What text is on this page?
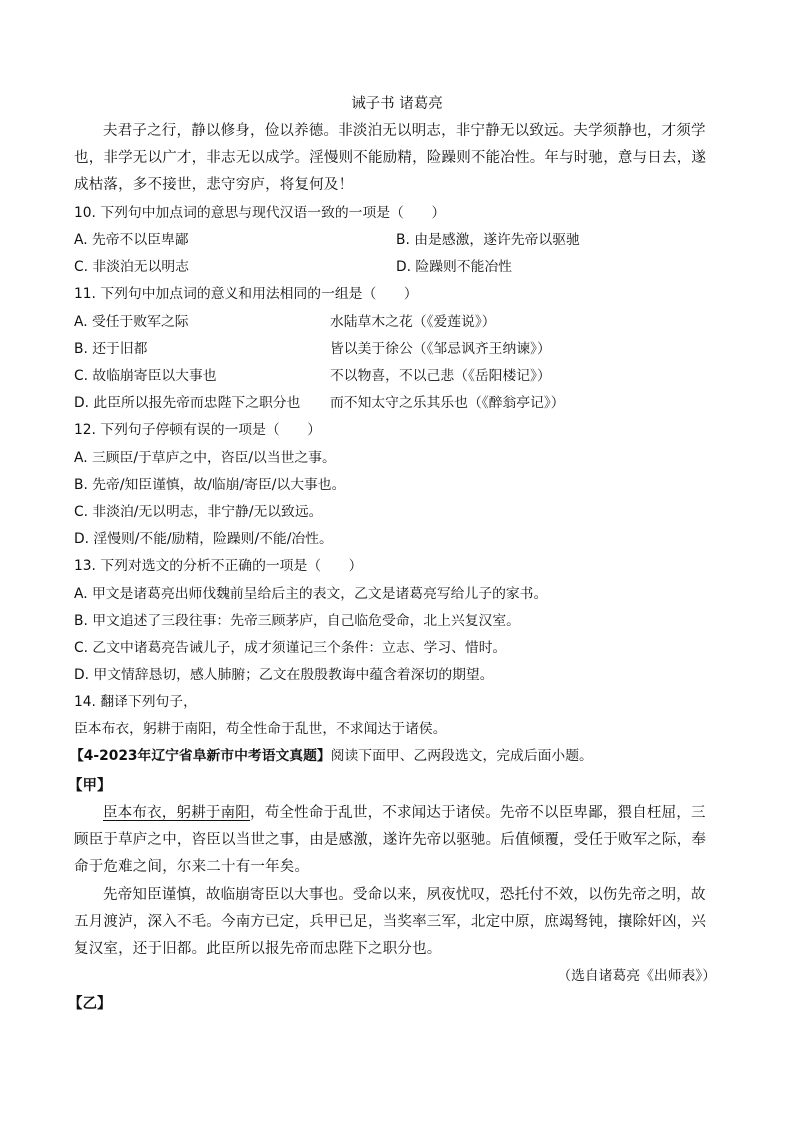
诫子书 诸葛亮
夫君子之行，静以修身，俭以养德。非淡泊无以明志，非宁静无以致远。夫学须静也，才须学也，非学无以广才，非志无以成学。淫慢则不能励精，险躁则不能冶性。年与时驰，意与日去，遂成枯落，多不接世，悲守穷庐，将复何及！
10. 下列句中加点词的意思与现代汉语一致的一项是（　　）
A. 先帝不以臣卑鄙	B. 由是感激，遂许先帝以驱驰
C. 非淡泊无以明志	D. 险躁则不能冶性
11. 下列句中加点词的意义和用法相同的一组是（　　）
A. 受任于败军之际	水陆草木之花（《爱莲说》）
B. 还于旧都	皆以美于徐公（《邹忌讽齐王纳谏》）
C. 故临崩寄臣以大事也	不以物喜，不以己悲（《岳阳楼记》）
D. 此臣所以报先帝而忠陛下之职分也 而不知太守之乐其乐也（《醉翁亭记》）
12. 下列句子停顿有误的一项是（　　）
A. 三顾臣/于草庐之中，咨臣/以当世之事。
B. 先帝/知臣谨慎，故/临崩/寄臣/以大事也。
C. 非淡泊/无以明志，非宁静/无以致远。
D. 淫慢则/不能/励精，险躁则/不能/冶性。
13. 下列对选文的分析不正确的一项是（　　）
A. 甲文是诸葛亮出师伐魏前呈给后主的表文，乙文是诸葛亮写给儿子的家书。
B. 甲文追述了三段往事：先帝三顾茅庐，自己临危受命，北上兴复汉室。
C. 乙文中诸葛亮告诫儿子，成才须谨记三个条件：立志、学习、惜时。
D. 甲文情辞恳切，感人肺腑；乙文在殷殷教诲中蕴含着深切的期望。
14. 翻译下列句子，
臣本布衣，躬耕于南阳，苟全性命于乱世，不求闻达于诸侯。
【4-2023年辽宁省阜新市中考语文真题】阅读下面甲、乙两段选文，完成后面小题。
【甲】
臣本布衣，躬耕于南阳，苟全性命于乱世，不求闻达于诸侯。先帝不以臣卑鄙，猥自枉屈，三顾臣于草庐之中，咨臣以当世之事，由是感激，遂许先帝以驱驰。后值倾覆，受任于败军之际，奉命于危难之间，尔来二十有一年矣。
先帝知臣谨慎，故临崩寄臣以大事也。受命以来，夙夜忧叹，恐托付不效，以伤先帝之明，故五月渡泸，深入不毛。今南方已定，兵甲已足，当奖率三军，北定中原，庶竭驽钝，攘除奸凶，兴复汉室，还于旧都。此臣所以报先帝而忠陛下之职分也。
（选自诸葛亮《出师表》）
【乙】
